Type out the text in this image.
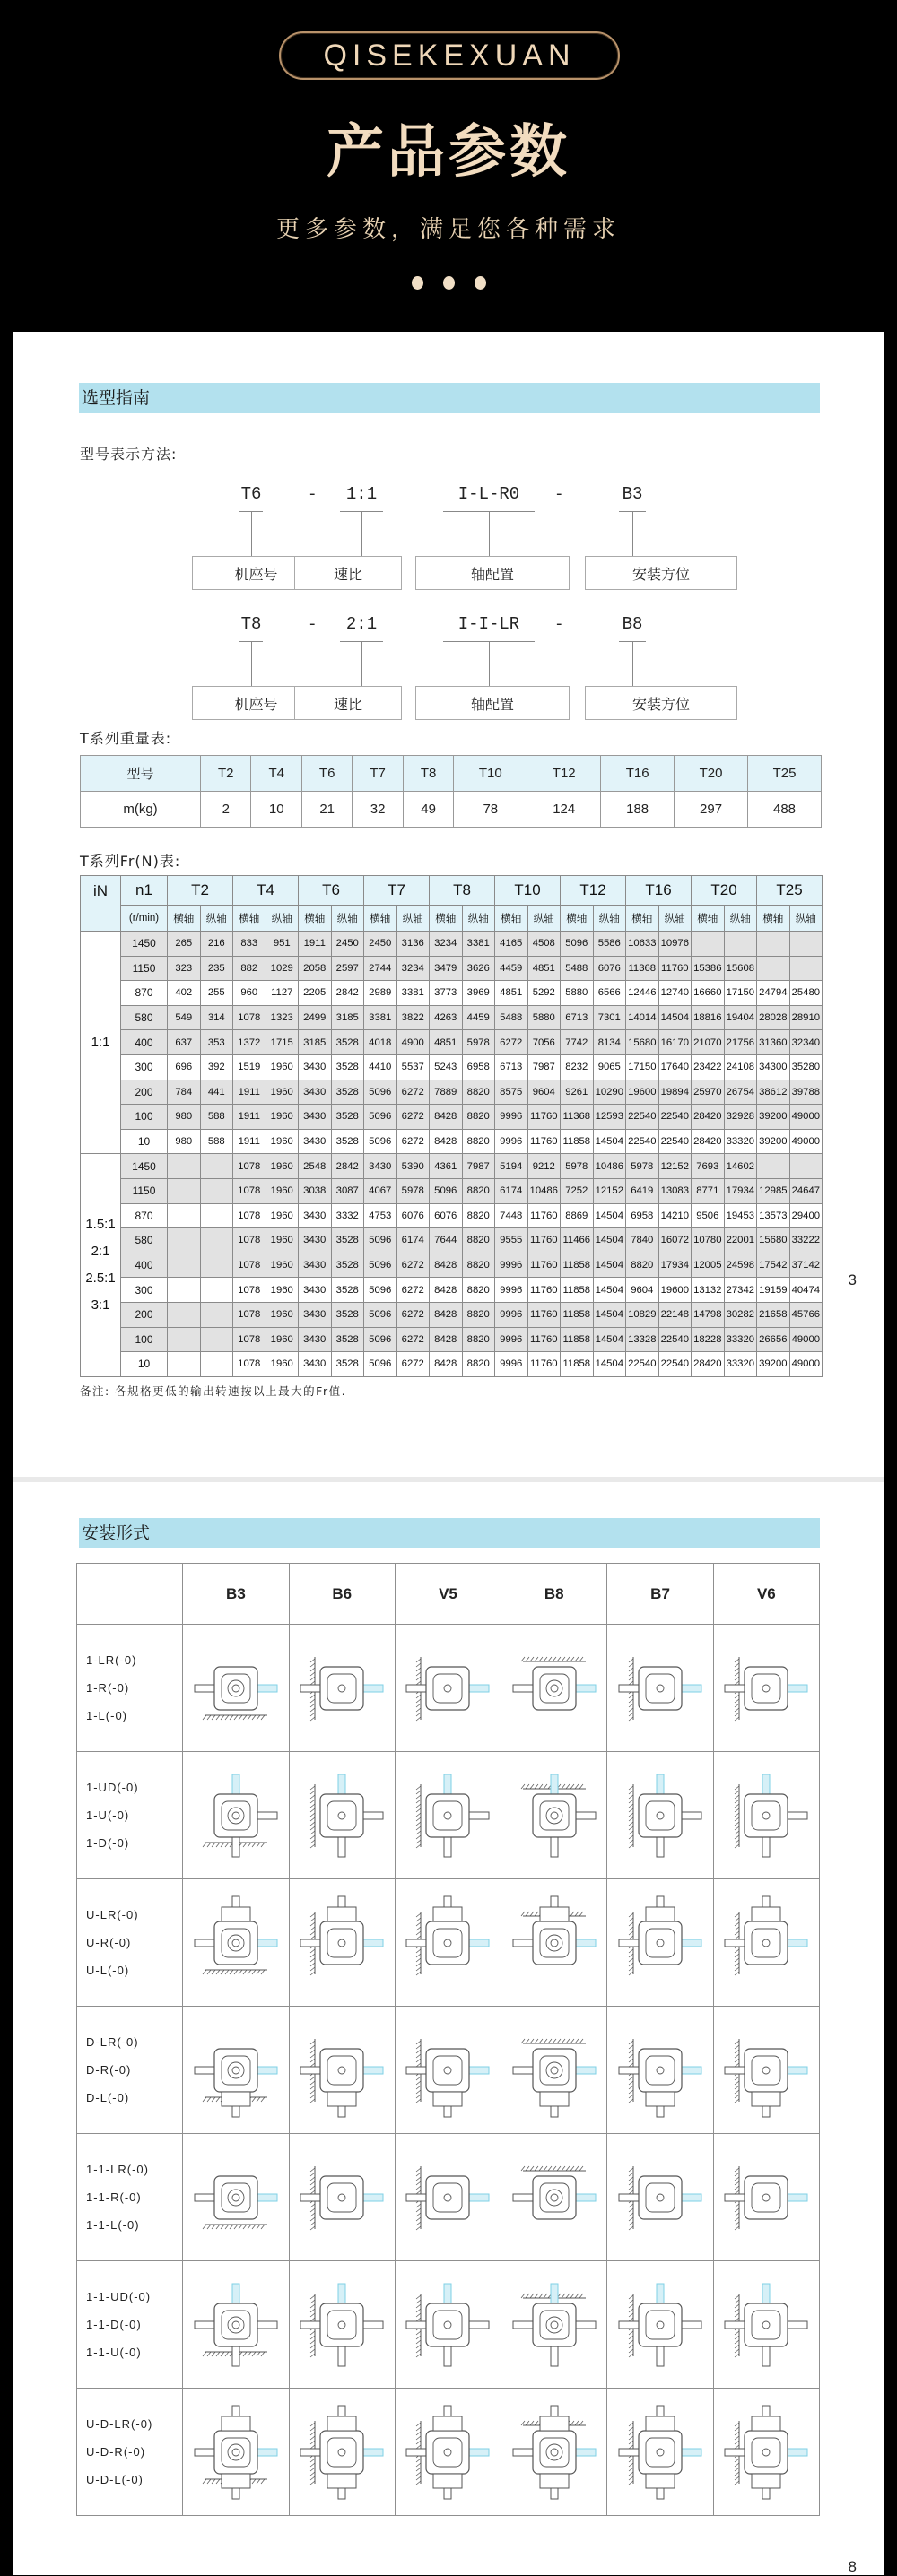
QISEKEXUAN
产品参数
更多参数，满足您各种需求
选型指南
型号表示方法:
T6
机座号
1:1
速比
I-L-R0
轴配置
B3
安装方位
-	-
T8
机座号
2:1
速比
I-I-LR
轴配置
B8
安装方位
-	-
T系列重量表:
型号	T2	T4	T6	T7	T8	T10	T12	T16	T20	T25
m(kg)	2	10	21	32	49	78	124	188	297	488
T系列Fr(N)表:
iN	n1	T2		T4		T6		T7		T8		T10		T12		T16		T20		T25	
	(r/min)	横轴	纵轴	横轴	纵轴	横轴	纵轴	横轴	纵轴	横轴	纵轴	横轴	纵轴	横轴	纵轴	横轴	纵轴	横轴	纵轴	横轴	纵轴

1:1	1450	265	216	833	951	1911	2450	2450	3136	3234	3381	4165	4508	5096	5586	10633	10976				
	1150	323	235	882	1029	2058	2597	2744	3234	3479	3626	4459	4851	5488	6076	11368	11760	15386	15608		
	870	402	255	960	1127	2205	2842	2989	3381	3773	3969	4851	5292	5880	6566	12446	12740	16660	17150	24794	25480
	580	549	314	1078	1323	2499	3185	3381	3822	4263	4459	5488	5880	6713	7301	14014	14504	18816	19404	28028	28910
	400	637	353	1372	1715	3185	3528	4018	4900	4851	5978	6272	7056	7742	8134	15680	16170	21070	21756	31360	32340
	300	696	392	1519	1960	3430	3528	4410	5537	5243	6958	6713	7987	8232	9065	17150	17640	23422	24108	34300	35280
	200	784	441	1911	1960	3430	3528	5096	6272	7889	8820	8575	9604	9261	10290	19600	19894	25970	26754	38612	39788
	100	980	588	1911	1960	3430	3528	5096	6272	8428	8820	9996	11760	11368	12593	22540	22540	28420	32928	39200	49000
	10	980	588	1911	1960	3430	3528	5096	6272	8428	8820	9996	11760	11858	14504	22540	22540	28420	33320	39200	49000

1.5:1
2:1
2.5:1
3:1	1450			1078	1960	2548	2842	3430	5390	4361	7987	5194	9212	5978	10486	5978	12152	7693	14602		
	1150			1078	1960	3038	3087	4067	5978	5096	8820	6174	10486	7252	12152	6419	13083	8771	17934	12985	24647
	870			1078	1960	3430	3332	4753	6076	6076	8820	7448	11760	8869	14504	6958	14210	9506	19453	13573	29400
	580			1078	1960	3430	3528	5096	6174	7644	8820	9555	11760	11466	14504	7840	16072	10780	22001	15680	33222
	400			1078	1960	3430	3528	5096	6272	8428	8820	9996	11760	11858	14504	8820	17934	12005	24598	17542	37142
	300			1078	1960	3430	3528	5096	6272	8428	8820	9996	11760	11858	14504	9604	19600	13132	27342	19159	40474
	200			1078	1960	3430	3528	5096	6272	8428	8820	9996	11760	11858	14504	10829	22148	14798	30282	21658	45766
	100			1078	1960	3430	3528	5096	6272	8428	8820	9996	11760	11858	14504	13328	22540	18228	33320	26656	49000
	10			1078	1960	3430	3528	5096	6272	8428	8820	9996	11760	11858	14504	22540	22540	28420	33320	39200	49000
备注: 各规格更低的输出转速按以上最大的Fr值.
3
安装形式
	B3	B6	V5	B8	B7	V6

1-LR(-0)
1-R(-0)
1-L(-0)

1-UD(-0)
1-U(-0)
1-D(-0)

U-LR(-0)
U-R(-0)
U-L(-0)

D-LR(-0)
D-R(-0)
D-L(-0)

1-1-LR(-0)
1-1-R(-0)
1-1-L(-0)

1-1-UD(-0)
1-1-D(-0)
1-1-U(-0)

U-D-LR(-0)
U-D-R(-0)
U-D-L(-0)

8
